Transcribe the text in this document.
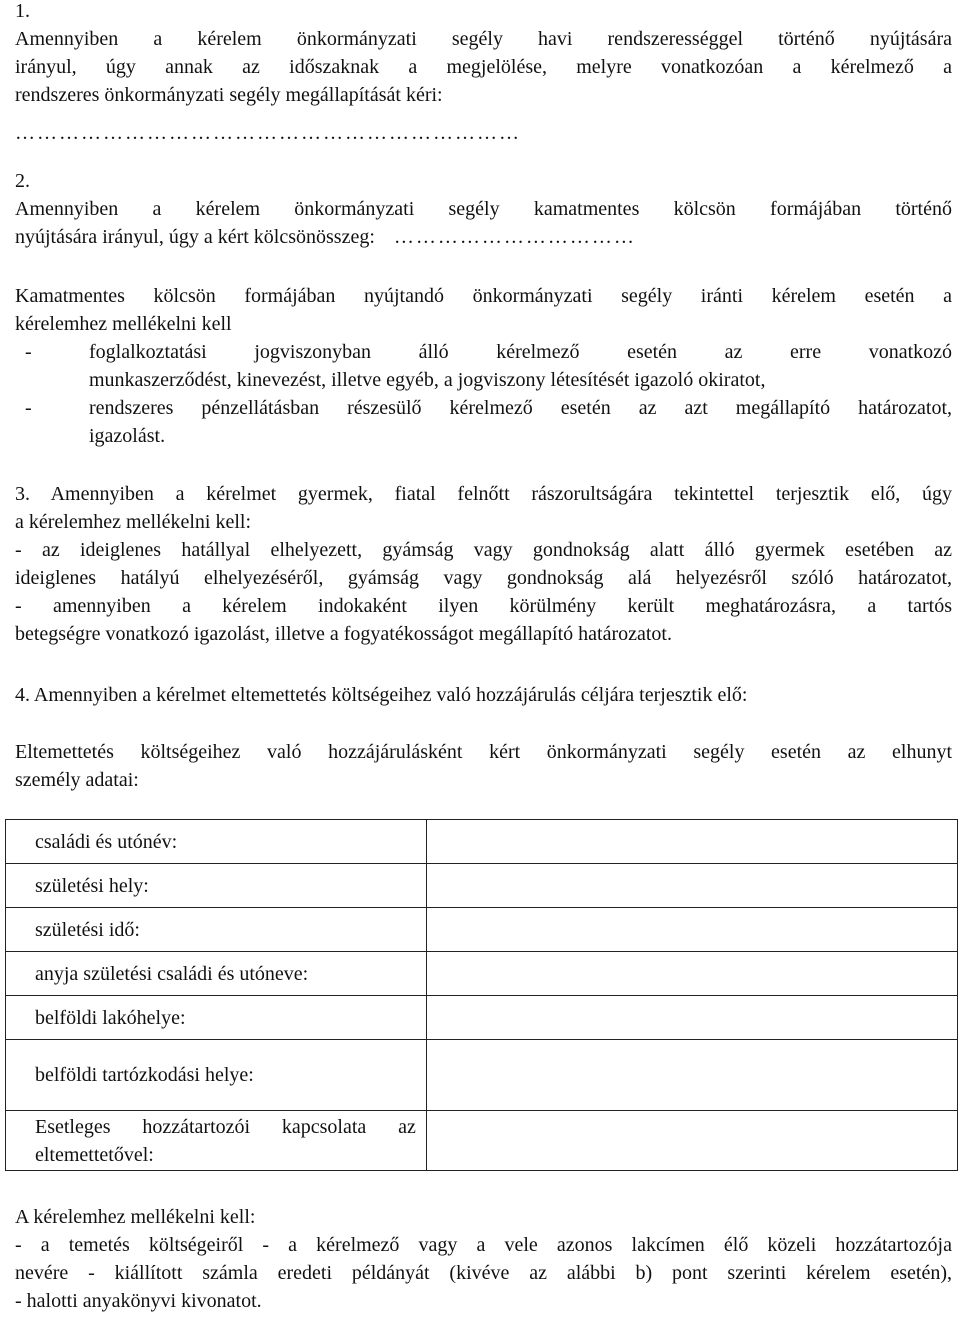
1.
Amennyiben a kérelem önkormányzati segély havi rendszerességgel történő nyújtására
irányul, úgy annak az időszaknak a megjelölése, melyre vonatkozóan a kérelmező a
rendszeres önkormányzati segély megállapítását kéri:
……………………………………………………………
2.
Amennyiben a kérelem önkormányzati segély kamatmentes kölcsön formájában történő
nyújtására irányul, úgy a kért kölcsönösszeg: ……………………………
Kamatmentes kölcsön formájában nyújtandó önkormányzati segély iránti kérelem esetén a
kérelemhez mellékelni kell
-	foglalkoztatási jogviszonyban álló kérelmező esetén az erre vonatkozó
munkaszerződést, kinevezést, illetve egyéb, a jogviszony létesítését igazoló okiratot,
-	rendszeres pénzellátásban részesülő kérelmező esetén az azt megállapító határozatot,
igazolást.
3. Amennyiben a kérelmet gyermek, fiatal felnőtt rászorultságára tekintettel terjesztik elő, úgy
a kérelemhez mellékelni kell:
- az ideiglenes hatállyal elhelyezett, gyámság vagy gondnokság alatt álló gyermek esetében az
ideiglenes hatályú elhelyezéséről, gyámság vagy gondnokság alá helyezésről szóló határozatot,
- amennyiben a kérelem indokaként ilyen körülmény került meghatározásra, a tartós
betegségre vonatkozó igazolást, illetve a fogyatékosságot megállapító határozatot.
4. Amennyiben a kérelmet eltemettetés költségeihez való hozzájárulás céljára terjesztik elő:
Eltemettetés költségeihez való hozzájárulásként kért önkormányzati segély esetén az elhunyt
személy adatai:
A kérelemhez mellékelni kell:
- a temetés költségeiről - a kérelmező vagy a vele azonos lakcímen élő közeli hozzátartozója
nevére - kiállított számla eredeti példányát (kivéve az alábbi b) pont szerinti kérelem esetén),
- halotti anyakönyvi kivonatot.
családi és utónév:	
születési hely:	
születési idő:	
anyja születési családi és utóneve:	
belföldi lakóhelye:	
belföldi tartózkodási helye:	

Esetleges hozzátartozói kapcsolata az
eltemettetővel:	
